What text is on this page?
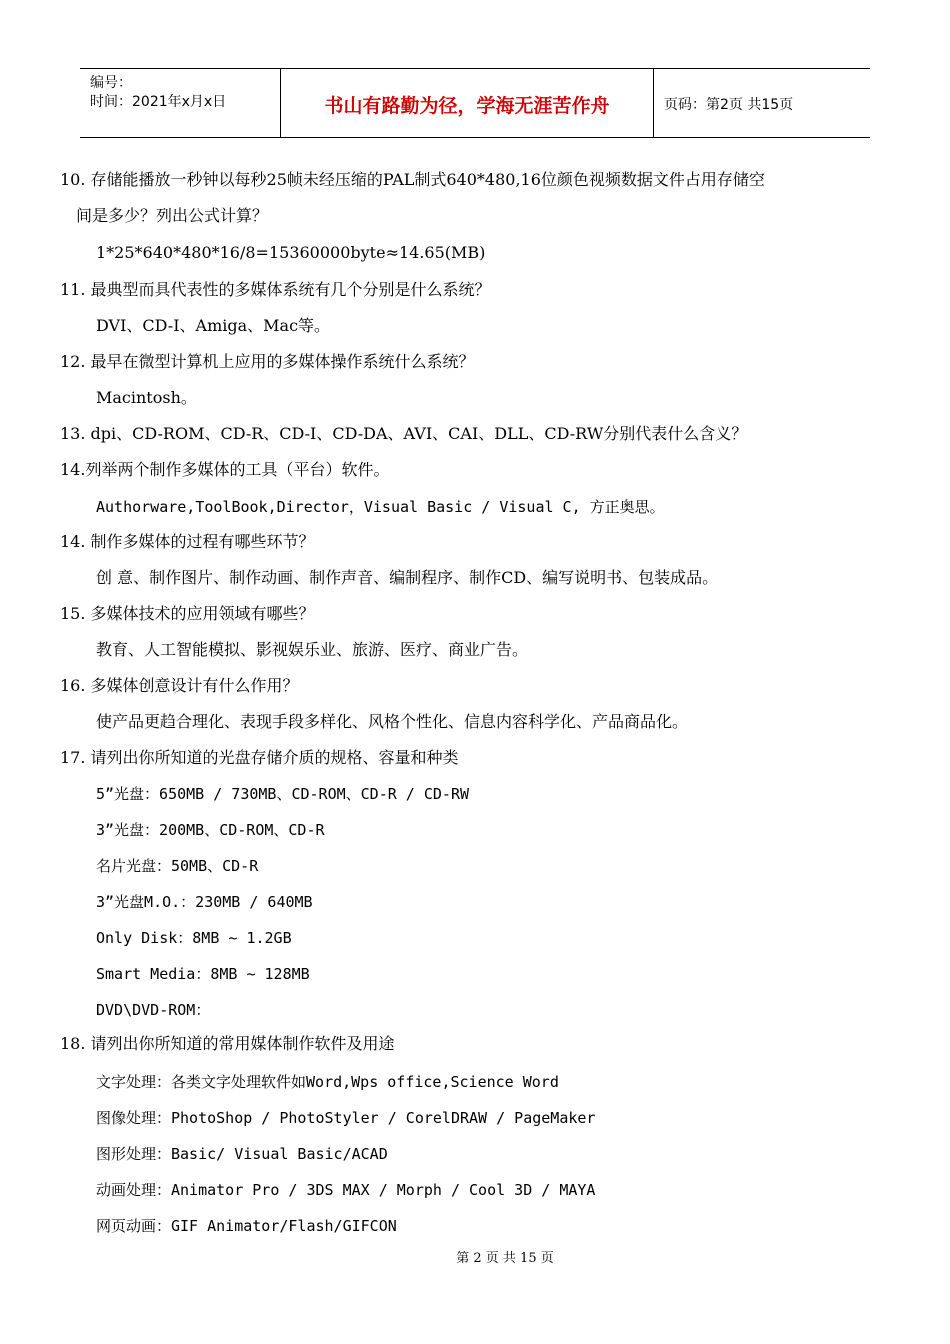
编号：
时间：2021年x月x日	书山有路勤为径，学海无涯苦作舟	页码：第2页 共15页
10. 存储能播放一秒钟以每秒25帧未经压缩的PAL制式640*480,16位颜色视频数据文件占用存储空
间是多少？列出公式计算？
1*25*640*480*16/8=15360000byte≈14.65(MB)
11. 最典型而具代表性的多媒体系统有几个分别是什么系统？
DVI、CD-I、Amiga、Mac等。
12. 最早在微型计算机上应用的多媒体操作系统什么系统？
Macintosh。
13. dpi、CD-ROM、CD-R、CD-I、CD-DA、AVI、CAI、DLL、CD-RW分别代表什么含义？
14.列举两个制作多媒体的工具（平台）软件。
Authorware,ToolBook,Director，Visual Basic / Visual C, 方正奥思。
14. 制作多媒体的过程有哪些环节？
创 意、制作图片、制作动画、制作声音、编制程序、制作CD、编写说明书、包装成品。
15. 多媒体技术的应用领域有哪些？
教育、人工智能模拟、影视娱乐业、旅游、医疗、商业广告。
16. 多媒体创意设计有什么作用？
使产品更趋合理化、表现手段多样化、风格个性化、信息内容科学化、产品商品化。
17. 请列出你所知道的光盘存储介质的规格、容量和种类
5”光盘：650MB / 730MB、CD-ROM、CD-R / CD-RW
3”光盘：200MB、CD-ROM、CD-R
名片光盘：50MB、CD-R
3”光盘M.O.：230MB / 640MB
Only Disk：8MB ~ 1.2GB
Smart Media：8MB ~ 128MB
DVD\DVD-ROM：
18. 请列出你所知道的常用媒体制作软件及用途
文字处理：各类文字处理软件如Word,Wps office,Science Word
图像处理：PhotoShop / PhotoStyler / CorelDRAW / PageMaker
图形处理：Basic/ Visual Basic/ACAD
动画处理：Animator Pro / 3DS MAX / Morph / Cool 3D / MAYA
网页动画：GIF Animator/Flash/GIFCON
第 2 页 共 15 页
